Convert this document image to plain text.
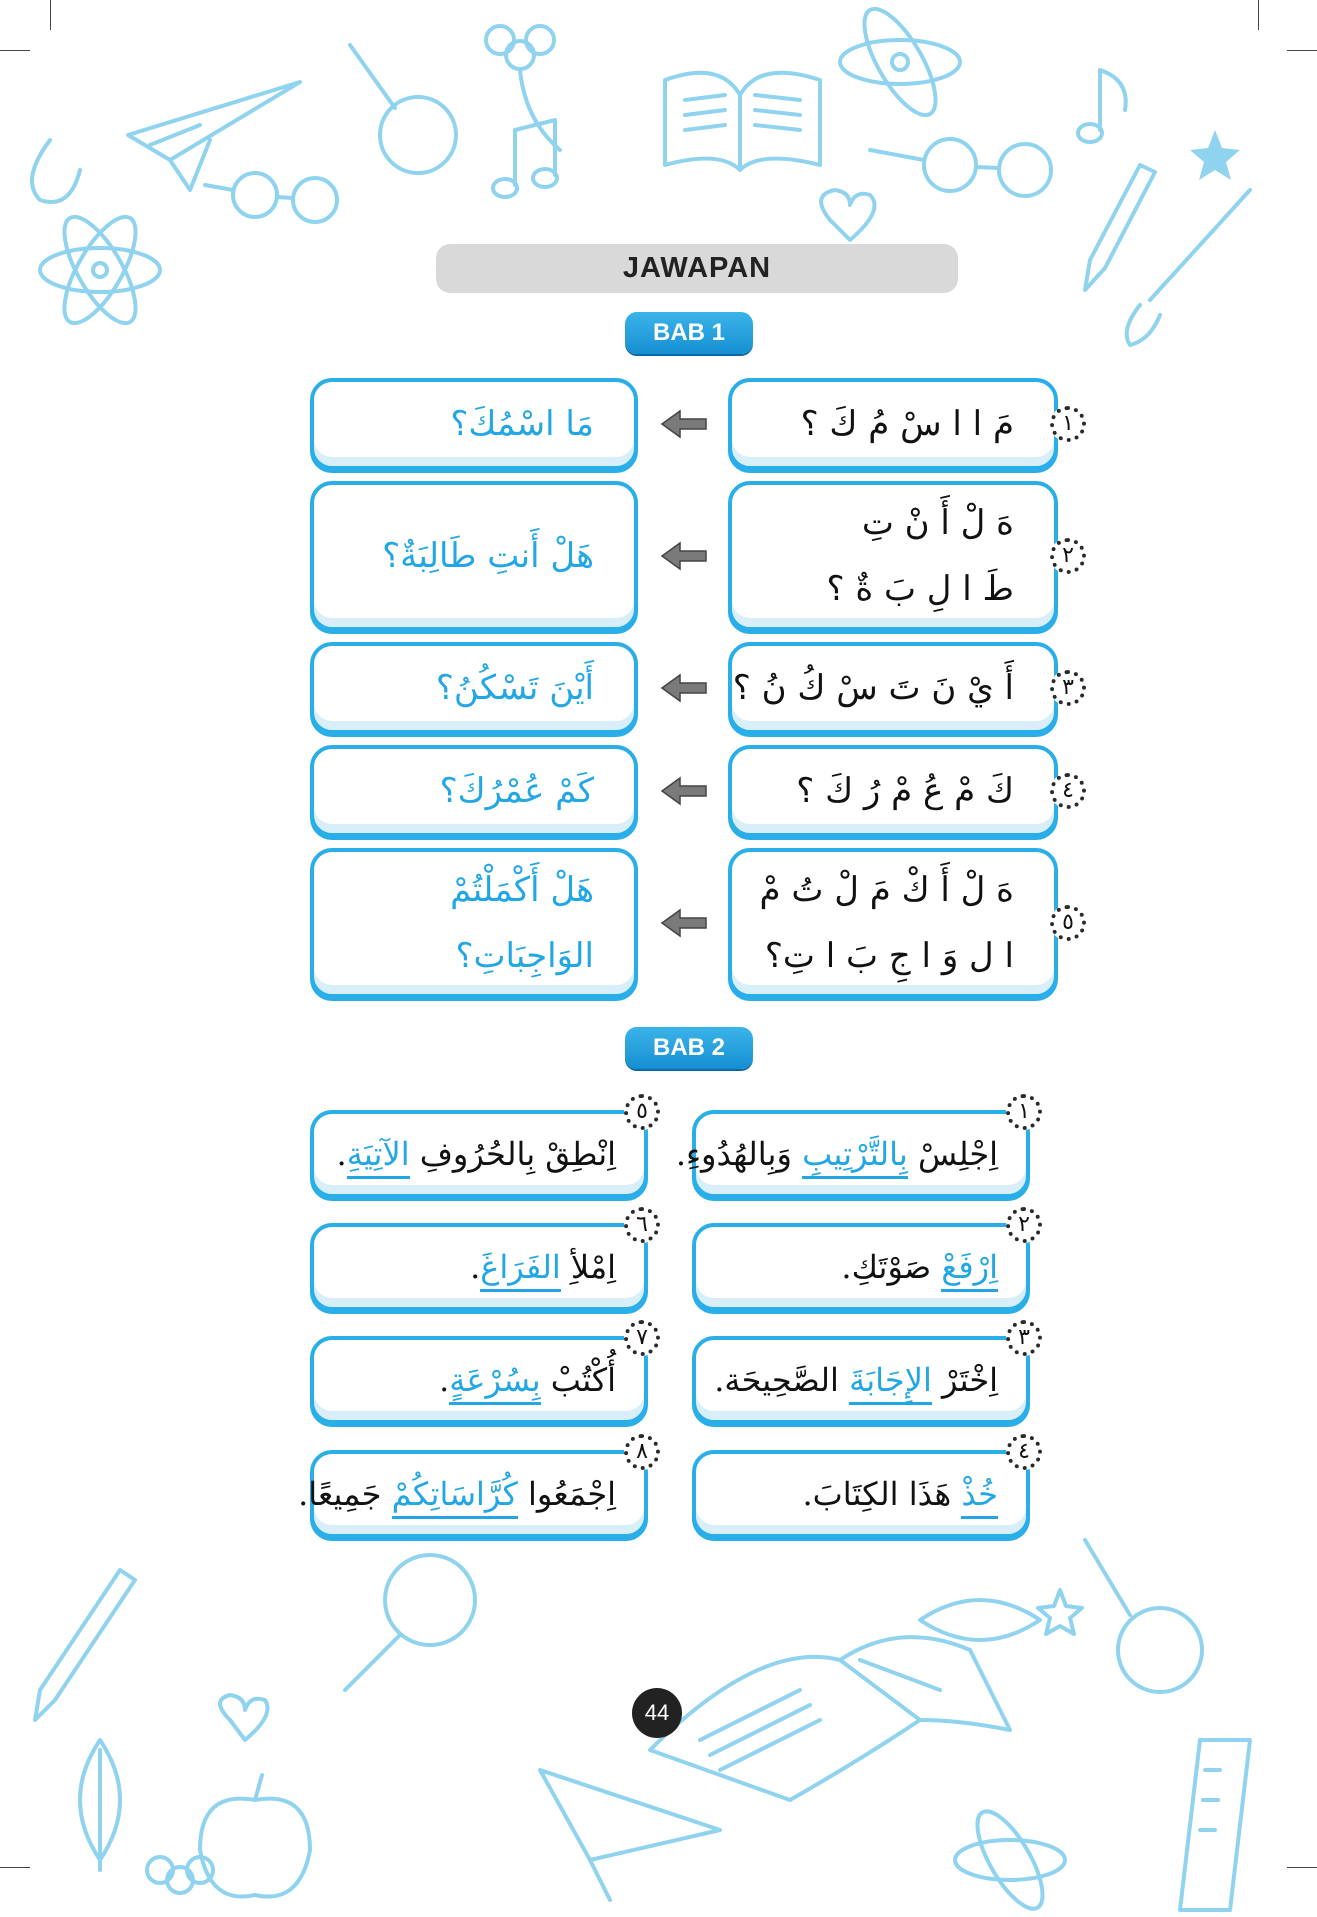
JAWAPAN
BAB 1
مَ ا ا سْ مُ كَ ؟	١
مَا اسْمُكَ؟
هَ لْ أَ نْ تِ
طَ ا لِ بَ ةٌ ؟
٢
هَلْ أَنتِ طَالِبَةٌ؟
أَ يْ نَ تَ سْ كُ نُ ؟	٣
أَيْنَ تَسْكُنُ؟
كَ مْ عُ مْ رُ كَ ؟	٤
كَمْ عُمْرُكَ؟
هَ لْ أَ كْ مَ لْ تُ مْ
ا ل وَ ا جِ بَ ا تِ؟
٥
هَلْ أَكْمَلْتُمْ
الوَاجِبَاتِ؟
BAB 2
اِجْلِسْ بِالتَّرْتِيبِ وَبِالهُدُوءِ.
١
اِرْفَعْ صَوْتَكِ.
٢
اِخْتَرْ الإِجَابَةَ الصَّحِيحَة.
٣
خُذْ هَذَا الكِتَابَ.
٤
اِنْطِقْ بِالحُرُوفِ الآتِيَةِ.
٥
اِمْلأِ الفَرَاغَ.
٦
أُكْتُبْ بِسُرْعَةٍ.
٧
اِجْمَعُوا كُرَّاسَاتِكُمْ جَمِيعًا.
٨
44
